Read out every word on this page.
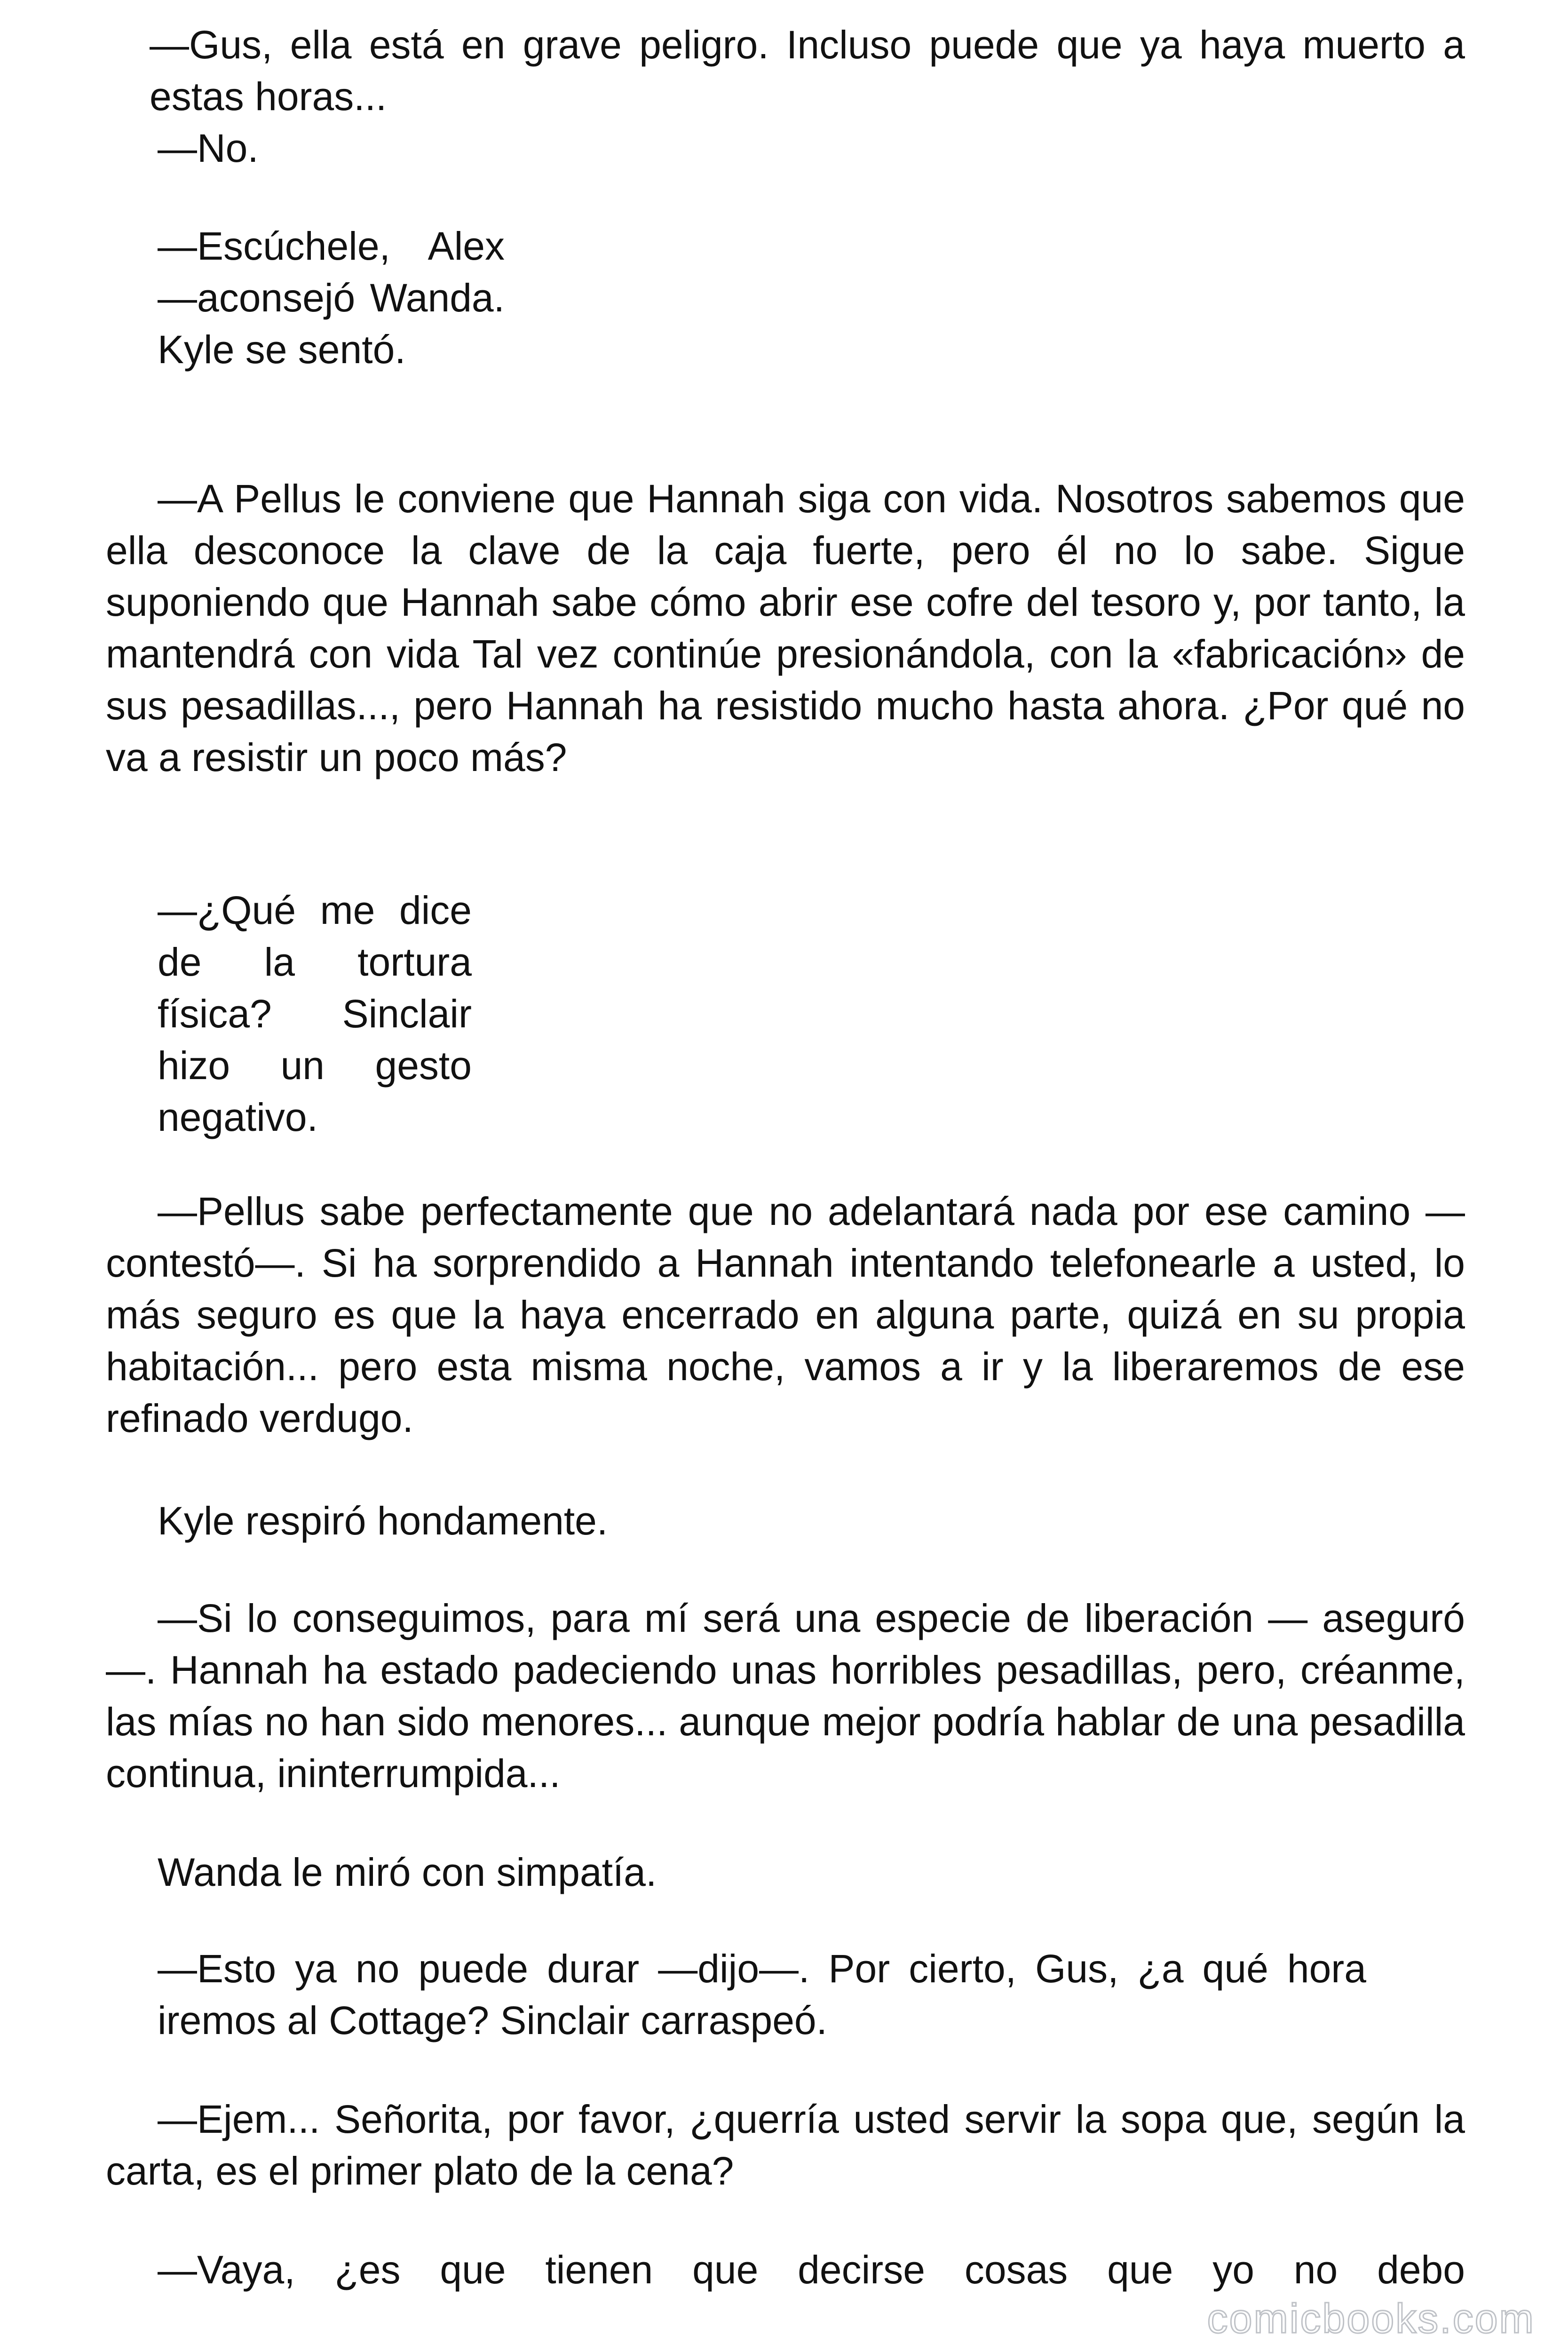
—Gus, ella está en grave peligro. Incluso puede que ya haya muerto a estas horas...

—No.

—Escúchele, Alex —aconsejó Wanda. Kyle se sentó.

—A Pellus le conviene que Hannah siga con vida. Nosotros sabemos que ella desconoce la clave de la caja fuerte, pero él no lo sabe. Sigue suponiendo que Hannah sabe cómo abrir ese cofre del tesoro y, por tanto, la mantendrá con vida Tal vez continúe presionándola, con la «fabricación» de sus pesadillas..., pero Hannah ha resistido mucho hasta ahora. ¿Por qué no va a resistir un poco más?

—¿Qué me dice de la tortura física? Sinclair hizo un gesto negativo.

—Pellus sabe perfectamente que no adelantará nada por ese camino —contestó—. Si ha sorprendido a Hannah intentando telefonearle a usted, lo más seguro es que la haya encerrado en alguna parte, quizá en su propia habitación... pero esta misma noche, vamos a ir y la liberaremos de ese refinado verdugo.

Kyle respiró hondamente.

—Si lo conseguimos, para mí será una especie de liberación — aseguró—. Hannah ha estado padeciendo unas horribles pesadillas, pero, créanme, las mías no han sido menores... aunque mejor podría hablar de una pesadilla continua, ininterrumpida...

Wanda le miró con simpatía.

—Esto ya no puede durar —dijo—. Por cierto, Gus, ¿a qué hora iremos al Cottage? Sinclair carraspeó.

—Ejem... Señorita, por favor, ¿querría usted servir la sopa que, según la carta, es el primer plato de la cena?

—Vaya, ¿es que tienen que decirse cosas que yo no debo

comicbooks.com
